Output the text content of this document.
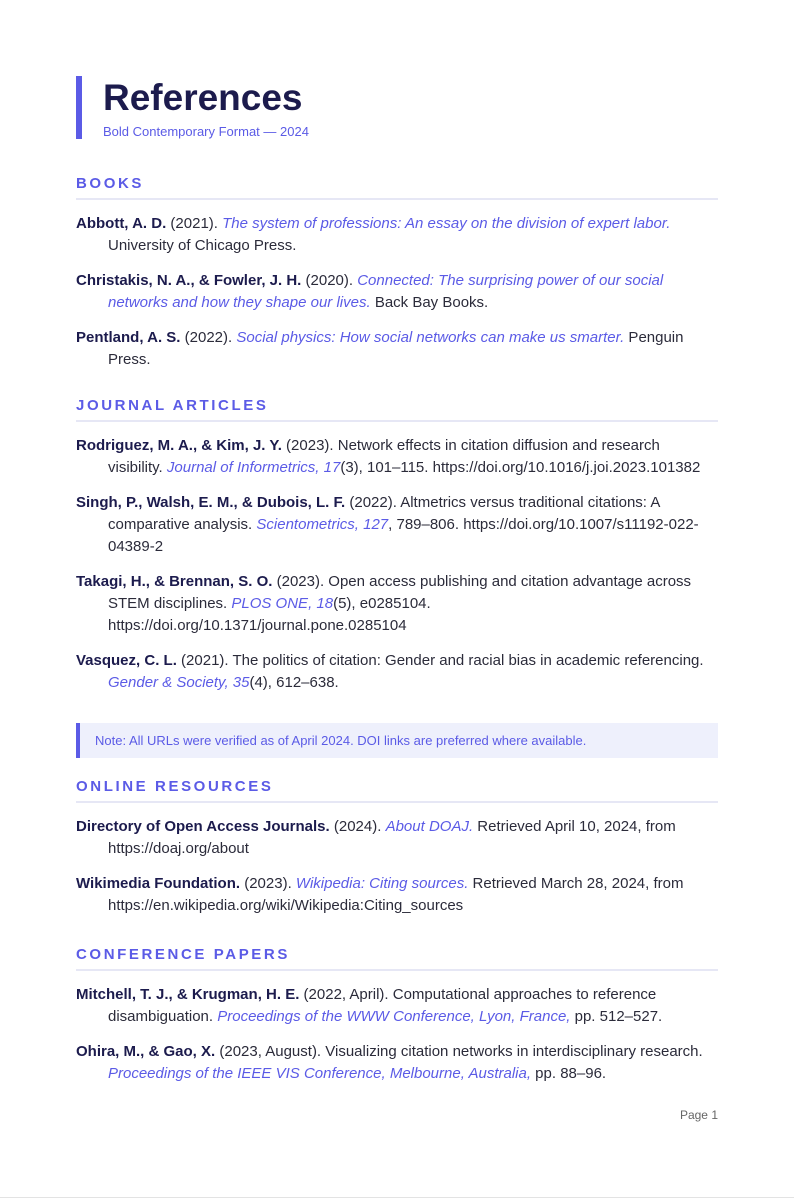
References
Bold Contemporary Format — 2024
BOOKS

Abbott, A. D. (2021). The system of professions: An essay on the division of expert labor. University of Chicago Press.

Christakis, N. A., & Fowler, J. H. (2020). Connected: The surprising power of our social networks and how they shape our lives. Back Bay Books.

Pentland, A. S. (2022). Social physics: How social networks can make us smarter. Penguin Press.

JOURNAL ARTICLES

Rodriguez, M. A., & Kim, J. Y. (2023). Network effects in citation diffusion and research visibility. Journal of Informetrics, 17(3), 101–115. https://doi.org/10.1016/j.joi.2023.101382

Singh, P., Walsh, E. M., & Dubois, L. F. (2022). Altmetrics versus traditional citations: A comparative analysis. Scientometrics, 127, 789–806. https://doi.org/10.1007/s11192-022-04389-2

Takagi, H., & Brennan, S. O. (2023). Open access publishing and citation advantage across STEM disciplines. PLOS ONE, 18(5), e0285104. https://doi.org/10.1371/journal.pone.0285104

Vasquez, C. L. (2021). The politics of citation: Gender and racial bias in academic referencing. Gender & Society, 35(4), 612–638.

Note: All URLs were verified as of April 2024. DOI links are preferred where available.
ONLINE RESOURCES

Directory of Open Access Journals. (2024). About DOAJ. Retrieved April 10, 2024, from https://doaj.org/about

Wikimedia Foundation. (2023). Wikipedia: Citing sources. Retrieved March 28, 2024, from https://en.wikipedia.org/wiki/Wikipedia:Citing_sources

CONFERENCE PAPERS

Mitchell, T. J., & Krugman, H. E. (2022, April). Computational approaches to reference disambiguation. Proceedings of the WWW Conference, Lyon, France, pp. 512–527.

Ohira, M., & Gao, X. (2023, August). Visualizing citation networks in interdisciplinary research. Proceedings of the IEEE VIS Conference, Melbourne, Australia, pp. 88–96.

Page 1
